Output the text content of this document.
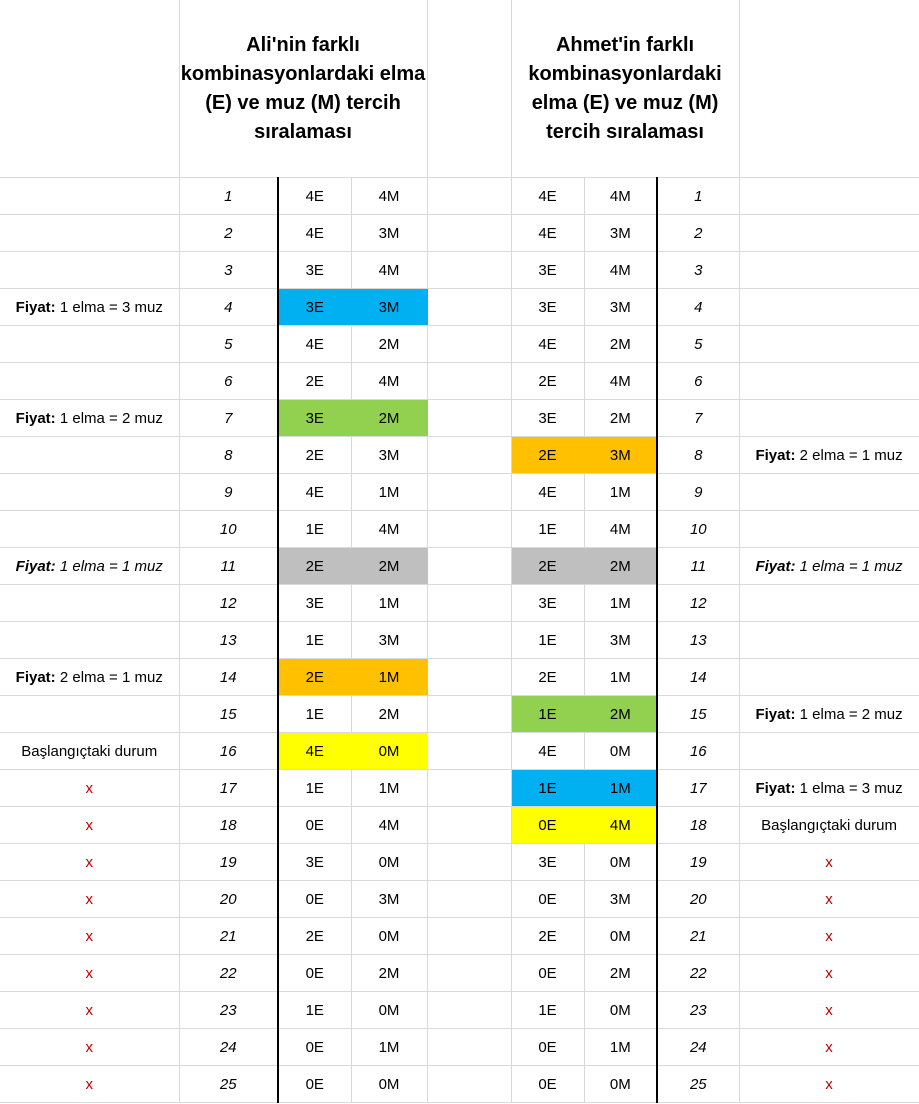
	Ali'nin farklı kombinasyonlardaki elma (E) ve muz (M) tercih sıralaması				Ahmet'in farklı kombinasyonlardaki elma (E) ve muz (M) tercih sıralaması			
	1	4E	4M		4E	4M	1	
	2	4E	3M		4E	3M	2	
	3	3E	4M		3E	4M	3	
Fiyat: 1 elma = 3 muz	4	3E	3M		3E	3M	4	
	5	4E	2M		4E	2M	5	
	6	2E	4M		2E	4M	6	
Fiyat: 1 elma = 2 muz	7	3E	2M		3E	2M	7	
	8	2E	3M		2E	3M	8	Fiyat: 2 elma = 1 muz
	9	4E	1M		4E	1M	9	
	10	1E	4M		1E	4M	10	
Fiyat: 1 elma = 1 muz	11	2E	2M		2E	2M	11	Fiyat: 1 elma = 1 muz
	12	3E	1M		3E	1M	12	
	13	1E	3M		1E	3M	13	
Fiyat: 2 elma = 1 muz	14	2E	1M		2E	1M	14	
	15	1E	2M		1E	2M	15	Fiyat: 1 elma = 2 muz
Başlangıçtaki durum	16	4E	0M		4E	0M	16	
x	17	1E	1M		1E	1M	17	Fiyat: 1 elma = 3 muz
x	18	0E	4M		0E	4M	18	Başlangıçtaki durum
x	19	3E	0M		3E	0M	19	x
x	20	0E	3M		0E	3M	20	x
x	21	2E	0M		2E	0M	21	x
x	22	0E	2M		0E	2M	22	x
x	23	1E	0M		1E	0M	23	x
x	24	0E	1M		0E	1M	24	x
x	25	0E	0M		0E	0M	25	x
